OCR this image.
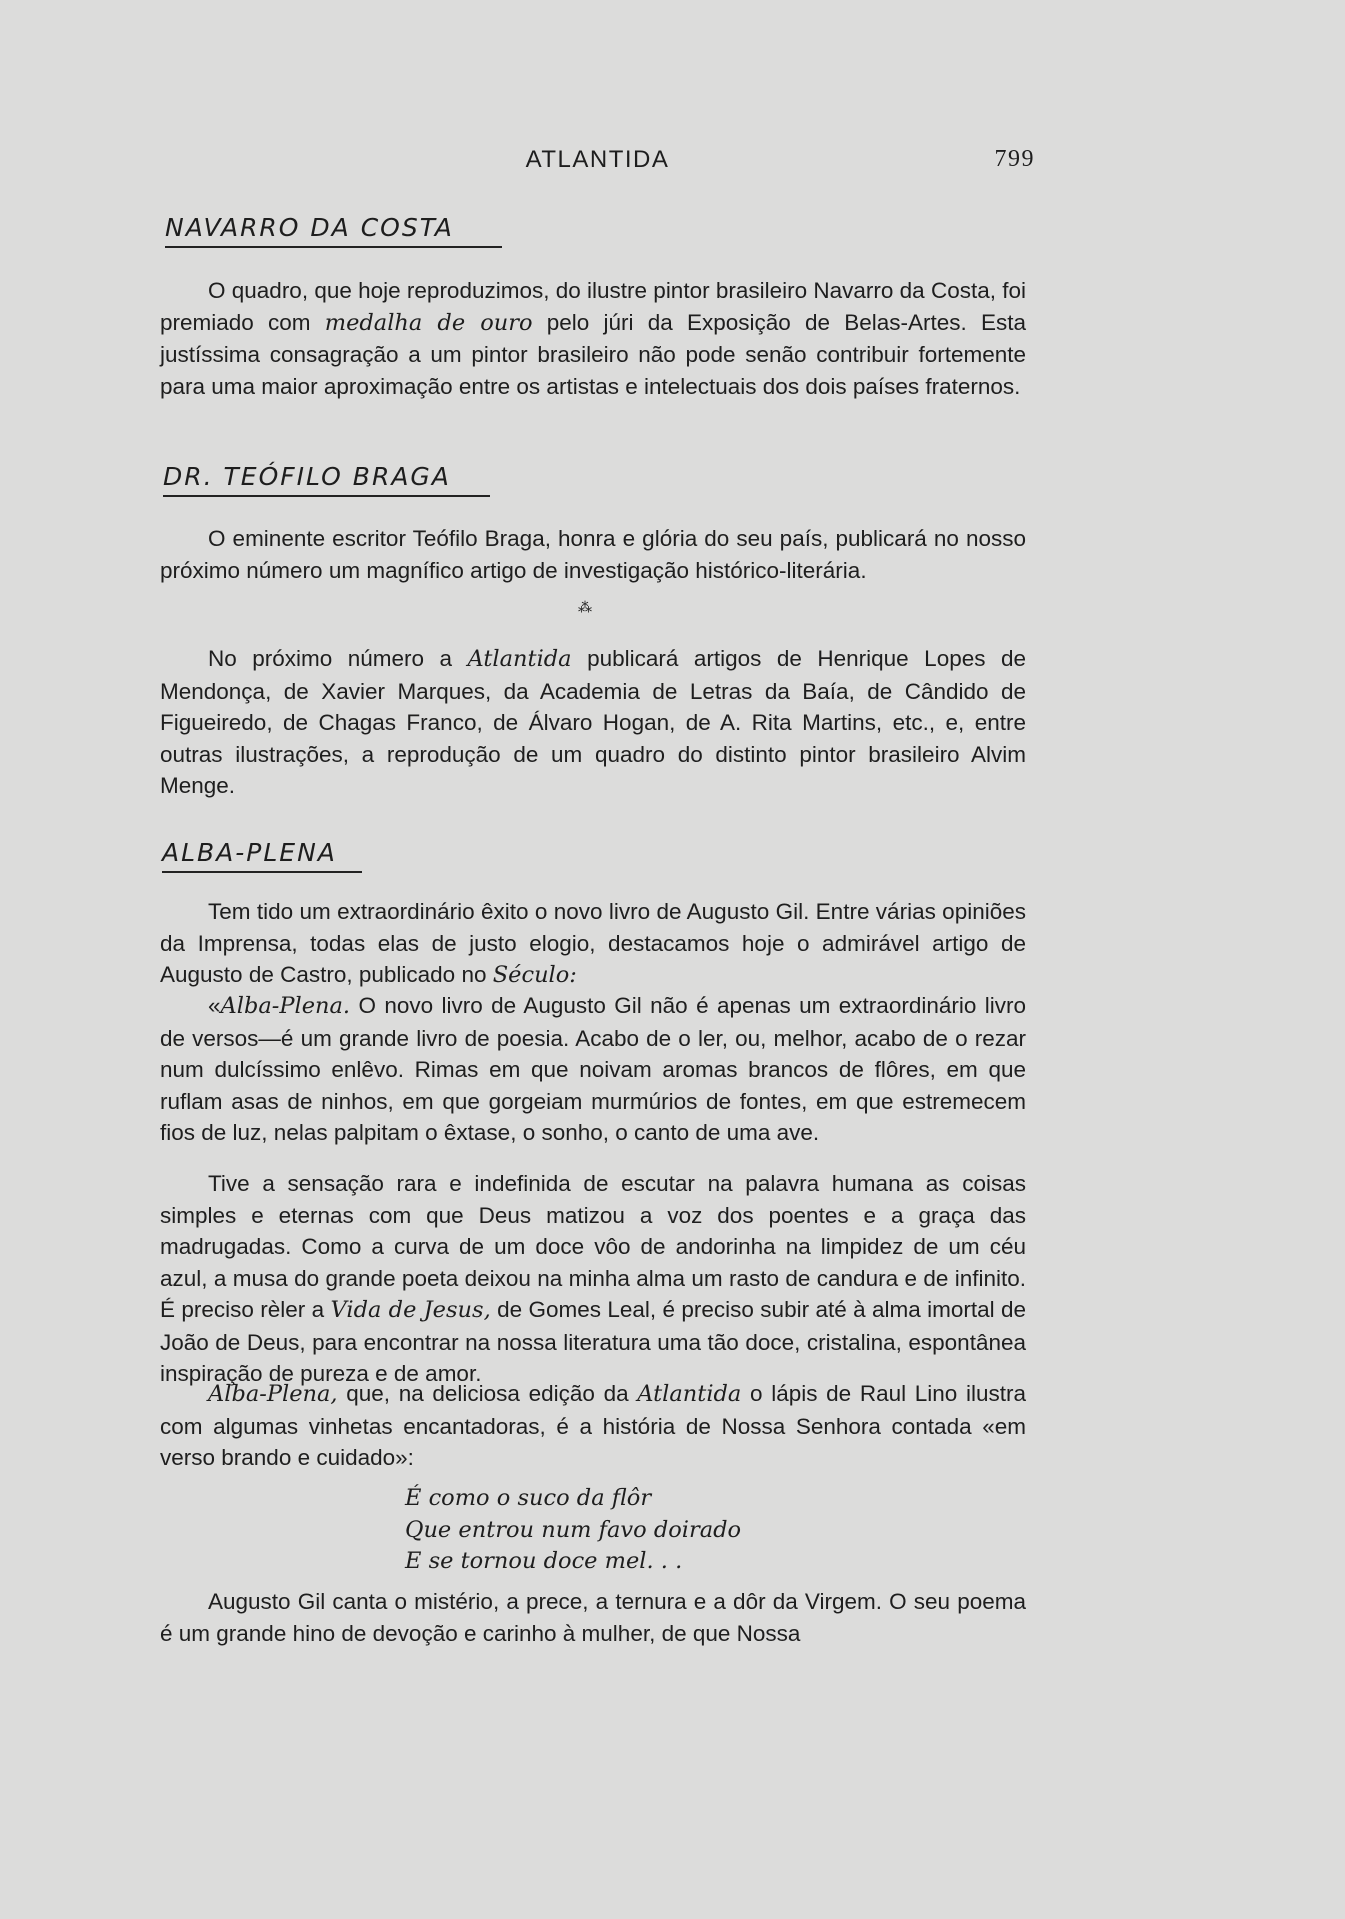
ATLANTIDA	799
NAVARRO DA COSTA

O quadro, que hoje reproduzimos, do ilustre pintor brasileiro Navarro da Costa, foi premiado com medalha de ouro pelo júri da Exposição de Belas-Artes. Esta justíssima consagração a um pintor brasileiro não pode senão contribuir fortemente para uma maior aproximação entre os artistas e intelectuais dos dois países fraternos.

DR. TEÓFILO BRAGA

O eminente escritor Teófilo Braga, honra e glória do seu país, publicará no nosso próximo número um magnífico artigo de investigação histórico-literária.

⁂

No próximo número a Atlantida publicará artigos de Henrique Lopes de Mendonça, de Xavier Marques, da Academia de Letras da Baía, de Cândido de Figueiredo, de Chagas Franco, de Álvaro Hogan, de A. Rita Martins, etc., e, entre outras ilustrações, a reprodução de um quadro do distinto pintor brasileiro Alvim Menge.

ALBA-PLENA

Tem tido um extraordinário êxito o novo livro de Augusto Gil. Entre várias opiniões da Imprensa, todas elas de justo elogio, destacamos hoje o admirável artigo de Augusto de Castro, publicado no Século:

«Alba-Plena. O novo livro de Augusto Gil não é apenas um extraordinário livro de versos—é um grande livro de poesia. Acabo de o ler, ou, melhor, acabo de o rezar num dulcíssimo enlêvo. Rimas em que noivam aromas brancos de flôres, em que ruflam asas de ninhos, em que gorgeiam murmúrios de fontes, em que estremecem fios de luz, nelas palpitam o êxtase, o sonho, o canto de uma ave.

Tive a sensação rara e indefinida de escutar na palavra humana as coisas simples e eternas com que Deus matizou a voz dos poentes e a graça das madrugadas. Como a curva de um doce vôo de andorinha na limpidez de um céu azul, a musa do grande poeta deixou na minha alma um rasto de candura e de infinito. É preciso rèler a Vida de Jesus, de Gomes Leal, é preciso subir até à alma imortal de João de Deus, para encontrar na nossa literatura uma tão doce, cristalina, espontânea inspiração de pureza e de amor.

Alba-Plena, que, na deliciosa edição da Atlantida o lápis de Raul Lino ilustra com algumas vinhetas encantadoras, é a história de Nossa Senhora contada «em verso brando e cuidado»:

É como o suco da flôr
Que entrou num favo doirado
E se tornou doce mel. . .

Augusto Gil canta o mistério, a prece, a ternura e a dôr da Virgem. O seu poema é um grande hino de devoção e carinho à mulher, de que Nossa
